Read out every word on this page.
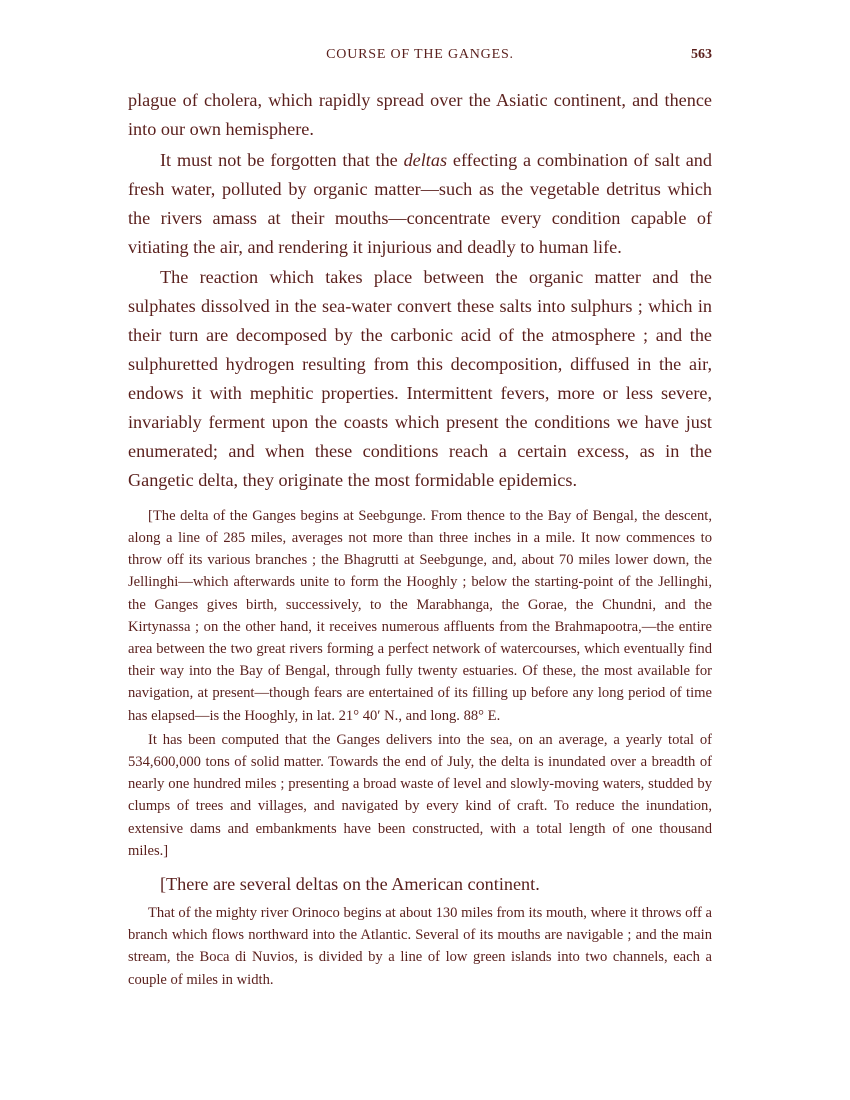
COURSE OF THE GANGES.	563

plague of cholera, which rapidly spread over the Asiatic continent, and thence into our own hemisphere.

It must not be forgotten that the deltas effecting a combination of salt and fresh water, polluted by organic matter—such as the vegetable detritus which the rivers amass at their mouths—concentrate every condition capable of vitiating the air, and rendering it injurious and deadly to human life.

The reaction which takes place between the organic matter and the sulphates dissolved in the sea-water convert these salts into sulphurs ; which in their turn are decomposed by the carbonic acid of the atmosphere ; and the sulphuretted hydrogen resulting from this decomposition, diffused in the air, endows it with mephitic properties. Intermittent fevers, more or less severe, invariably ferment upon the coasts which present the conditions we have just enumerated; and when these conditions reach a certain excess, as in the Gangetic delta, they originate the most formidable epidemics.

[The delta of the Ganges begins at Seebgunge. From thence to the Bay of Bengal, the descent, along a line of 285 miles, averages not more than three inches in a mile. It now commences to throw off its various branches ; the Bhagrutti at Seebgunge, and, about 70 miles lower down, the Jellinghi—which afterwards unite to form the Hooghly ; below the starting-point of the Jellinghi, the Ganges gives birth, successively, to the Marabhanga, the Gorae, the Chundni, and the Kirtynassa ; on the other hand, it receives numerous affluents from the Brahmapootra,—the entire area between the two great rivers forming a perfect network of watercourses, which eventually find their way into the Bay of Bengal, through fully twenty estuaries. Of these, the most available for navigation, at present—though fears are entertained of its filling up before any long period of time has elapsed—is the Hooghly, in lat. 21° 40′ N., and long. 88° E.

It has been computed that the Ganges delivers into the sea, on an average, a yearly total of 534,600,000 tons of solid matter. Towards the end of July, the delta is inundated over a breadth of nearly one hundred miles ; presenting a broad waste of level and slowly-moving waters, studded by clumps of trees and villages, and navigated by every kind of craft. To reduce the inundation, extensive dams and embankments have been constructed, with a total length of one thousand miles.]

[There are several deltas on the American continent.

That of the mighty river Orinoco begins at about 130 miles from its mouth, where it throws off a branch which flows northward into the Atlantic. Several of its mouths are navigable ; and the main stream, the Boca di Nuvios, is divided by a line of low green islands into two channels, each a couple of miles in width.
